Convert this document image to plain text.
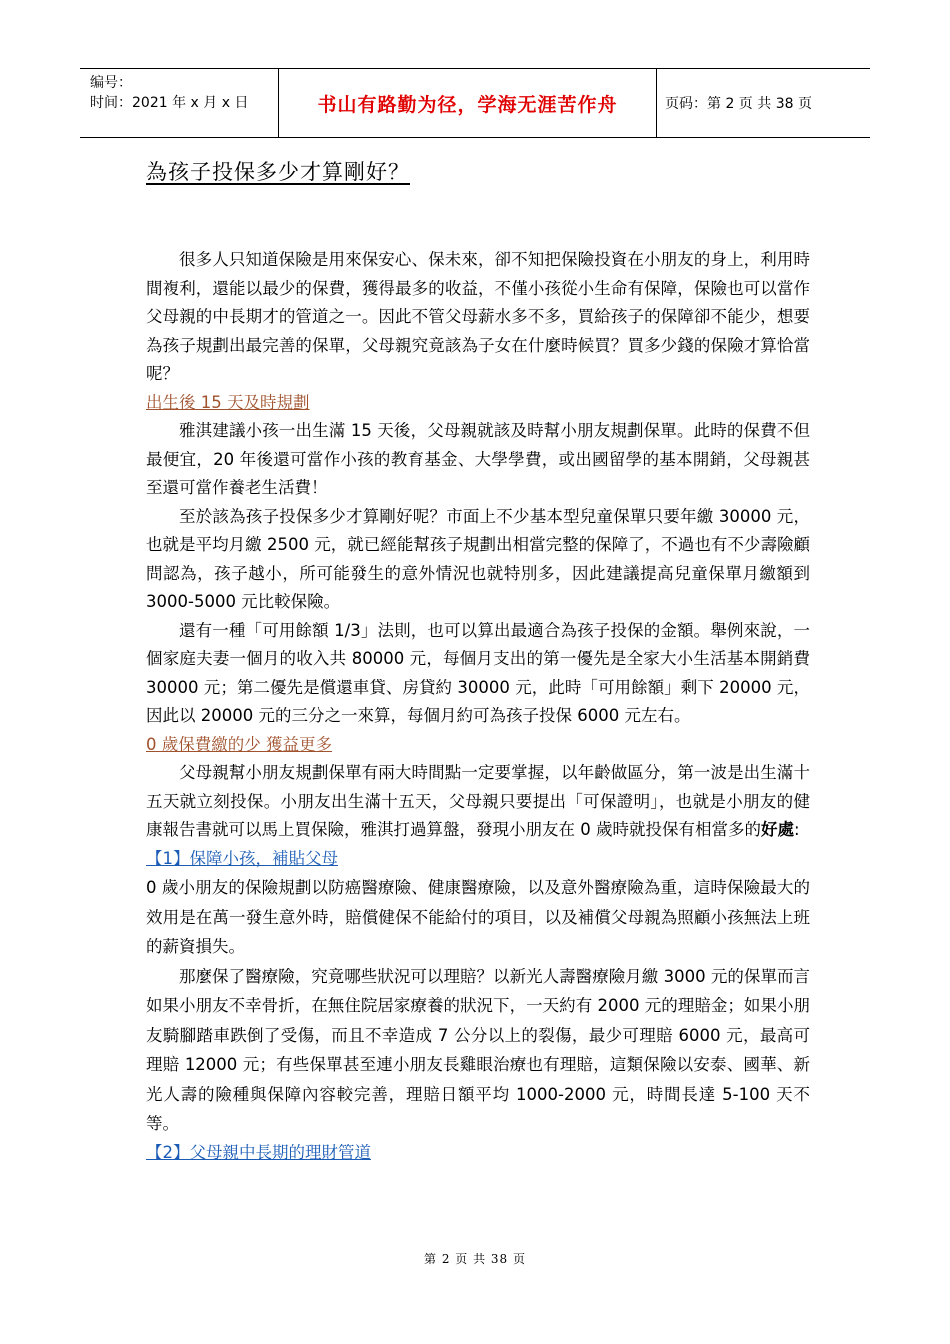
编号：
时间：2021 年 x 月 x 日	书山有路勤为径，学海无涯苦作舟	页码：第 2 页 共 38 页
為孩子投保多少才算剛好？

很多人只知道保險是用來保安心、保未來，卻不知把保險投資在小朋友的身上，利用時間複利，還能以最少的保費，獲得最多的收益，不僅小孩從小生命有保障，保險也可以當作父母親的中長期才的管道之一。因此不管父母薪水多不多，買給孩子的保障卻不能少，想要為孩子規劃出最完善的保單，父母親究竟該為子女在什麼時候買？買多少錢的保險才算恰當呢？

出生後 15 天及時規劃

雅淇建議小孩一出生滿 15 天後，父母親就該及時幫小朋友規劃保單。此時的保費不但最便宜，20 年後還可當作小孩的教育基金、大學學費，或出國留學的基本開銷，父母親甚至還可當作養老生活費！

至於該為孩子投保多少才算剛好呢？市面上不少基本型兒童保單只要年繳 30000 元，也就是平均月繳 2500 元，就已經能幫孩子規劃出相當完整的保障了，不過也有不少壽險顧問認為，孩子越小，所可能發生的意外情況也就特別多，因此建議提高兒童保單月繳額到 3000-5000 元比較保險。

還有一種「可用餘額 1/3」法則，也可以算出最適合為孩子投保的金額。舉例來說，一個家庭夫妻一個月的收入共 80000 元，每個月支出的第一優先是全家大小生活基本開銷費 30000 元；第二優先是償還車貸、房貸約 30000 元，此時「可用餘額」剩下 20000 元，因此以 20000 元的三分之一來算，每個月約可為孩子投保 6000 元左右。

0 歲保費繳的少 獲益更多

父母親幫小朋友規劃保單有兩大時間點一定要掌握，以年齡做區分，第一波是出生滿十五天就立刻投保。小朋友出生滿十五天，父母親只要提出「可保證明」，也就是小朋友的健康報告書就可以馬上買保險，雅淇打過算盤，發現小朋友在 0 歲時就投保有相當多的好處:

【1】保障小孩，補貼父母

0 歲小朋友的保險規劃以防癌醫療險、健康醫療險，以及意外醫療險為重，這時保險最大的效用是在萬一發生意外時，賠償健保不能給付的項目，以及補償父母親為照顧小孩無法上班的薪資損失。

那麼保了醫療險，究竟哪些狀況可以理賠？以新光人壽醫療險月繳 3000 元的保單而言 如果小朋友不幸骨折，在無住院居家療養的狀況下，一天約有 2000 元的理賠金；如果小朋友騎腳踏車跌倒了受傷，而且不幸造成 7 公分以上的裂傷，最少可理賠 6000 元，最高可理賠 12000 元；有些保單甚至連小朋友長雞眼治療也有理賠，這類保險以安泰、國華、新光人壽的險種與保障內容較完善，理賠日額平均 1000-2000 元，時間長達 5-100 天不等。

【2】父母親中長期的理財管道
第 2 页 共 38 页
